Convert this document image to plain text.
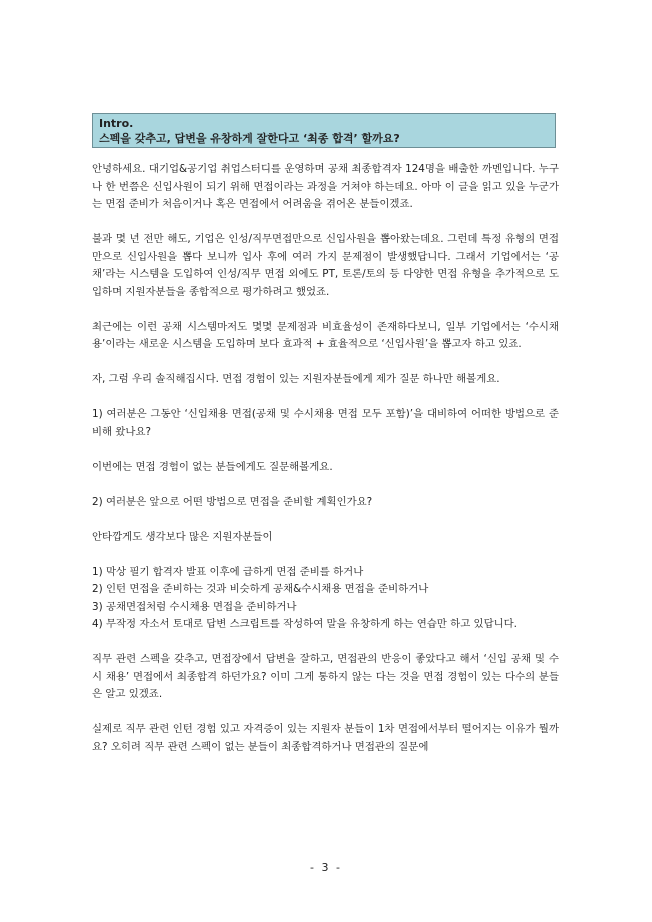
Intro.
스펙을 갖추고, 답변을 유창하게 잘한다고 ‘최종 합격’ 할까요?

안녕하세요. 대기업&공기업 취업스터디를 운영하며 공채 최종합격자 124명을 배출한 까멘입니다. 누구나 한 번쯤은 신입사원이 되기 위해 면접이라는 과정을 거쳐야 하는데요. 아마 이 글을 읽고 있을 누군가는 면접 준비가 처음이거나 혹은 면접에서 어려움을 겪어온 분들이겠죠.

불과 몇 년 전만 해도, 기업은 인성/직무면접만으로 신입사원을 뽑아왔는데요. 그런데 특정 유형의 면접만으로 신입사원을 뽑다 보니까 입사 후에 여러 가지 문제점이 발생했답니다. 그래서 기업에서는 ‘공채’라는 시스템을 도입하여 인성/직무 면접 외에도 PT, 토론/토의 등 다양한 면접 유형을 추가적으로 도입하며 지원자분들을 종합적으로 평가하려고 했었죠.

최근에는 이런 공채 시스템마저도 몇몇 문제점과 비효율성이 존재하다보니, 일부 기업에서는 ‘수시채용’이라는 새로운 시스템을 도입하며 보다 효과적 + 효율적으로 ‘신입사원’을 뽑고자 하고 있죠.

자, 그럼 우리 솔직해집시다. 면접 경험이 있는 지원자분들에게 제가 질문 하나만 해볼게요.

1) 여러분은 그동안 ‘신입채용 면접(공채 및 수시채용 면접 모두 포함)’을 대비하여 어떠한 방법으로 준비해 왔나요?

이번에는 면접 경험이 없는 분들에게도 질문해볼게요.

2) 여러분은 앞으로 어떤 방법으로 면접을 준비할 계획인가요?

안타깝게도 생각보다 많은 지원자분들이

1) 막상 필기 합격자 발표 이후에 급하게 면접 준비를 하거나

2) 인턴 면접을 준비하는 것과 비슷하게 공채&수시채용 면접을 준비하거나

3) 공채면접처럼 수시채용 면접을 준비하거나

4) 무작정 자소서 토대로 답변 스크립트를 작성하여 말을 유창하게 하는 연습만 하고 있답니다.

직무 관련 스펙을 갖추고, 면접장에서 답변을 잘하고, 면접관의 반응이 좋았다고 해서 ‘신입 공채 및 수시 채용’ 면접에서 최종합격 하던가요? 이미 그게 통하지 않는 다는 것을 면접 경험이 있는 다수의 분들은 알고 있겠죠.

실제로 직무 관련 인턴 경험 있고 자격증이 있는 지원자 분들이 1차 면접에서부터 떨어지는 이유가 뭘까요? 오히려 직무 관련 스펙이 없는 분들이 최종합격하거나 면접관의 질문에

- 3 -
